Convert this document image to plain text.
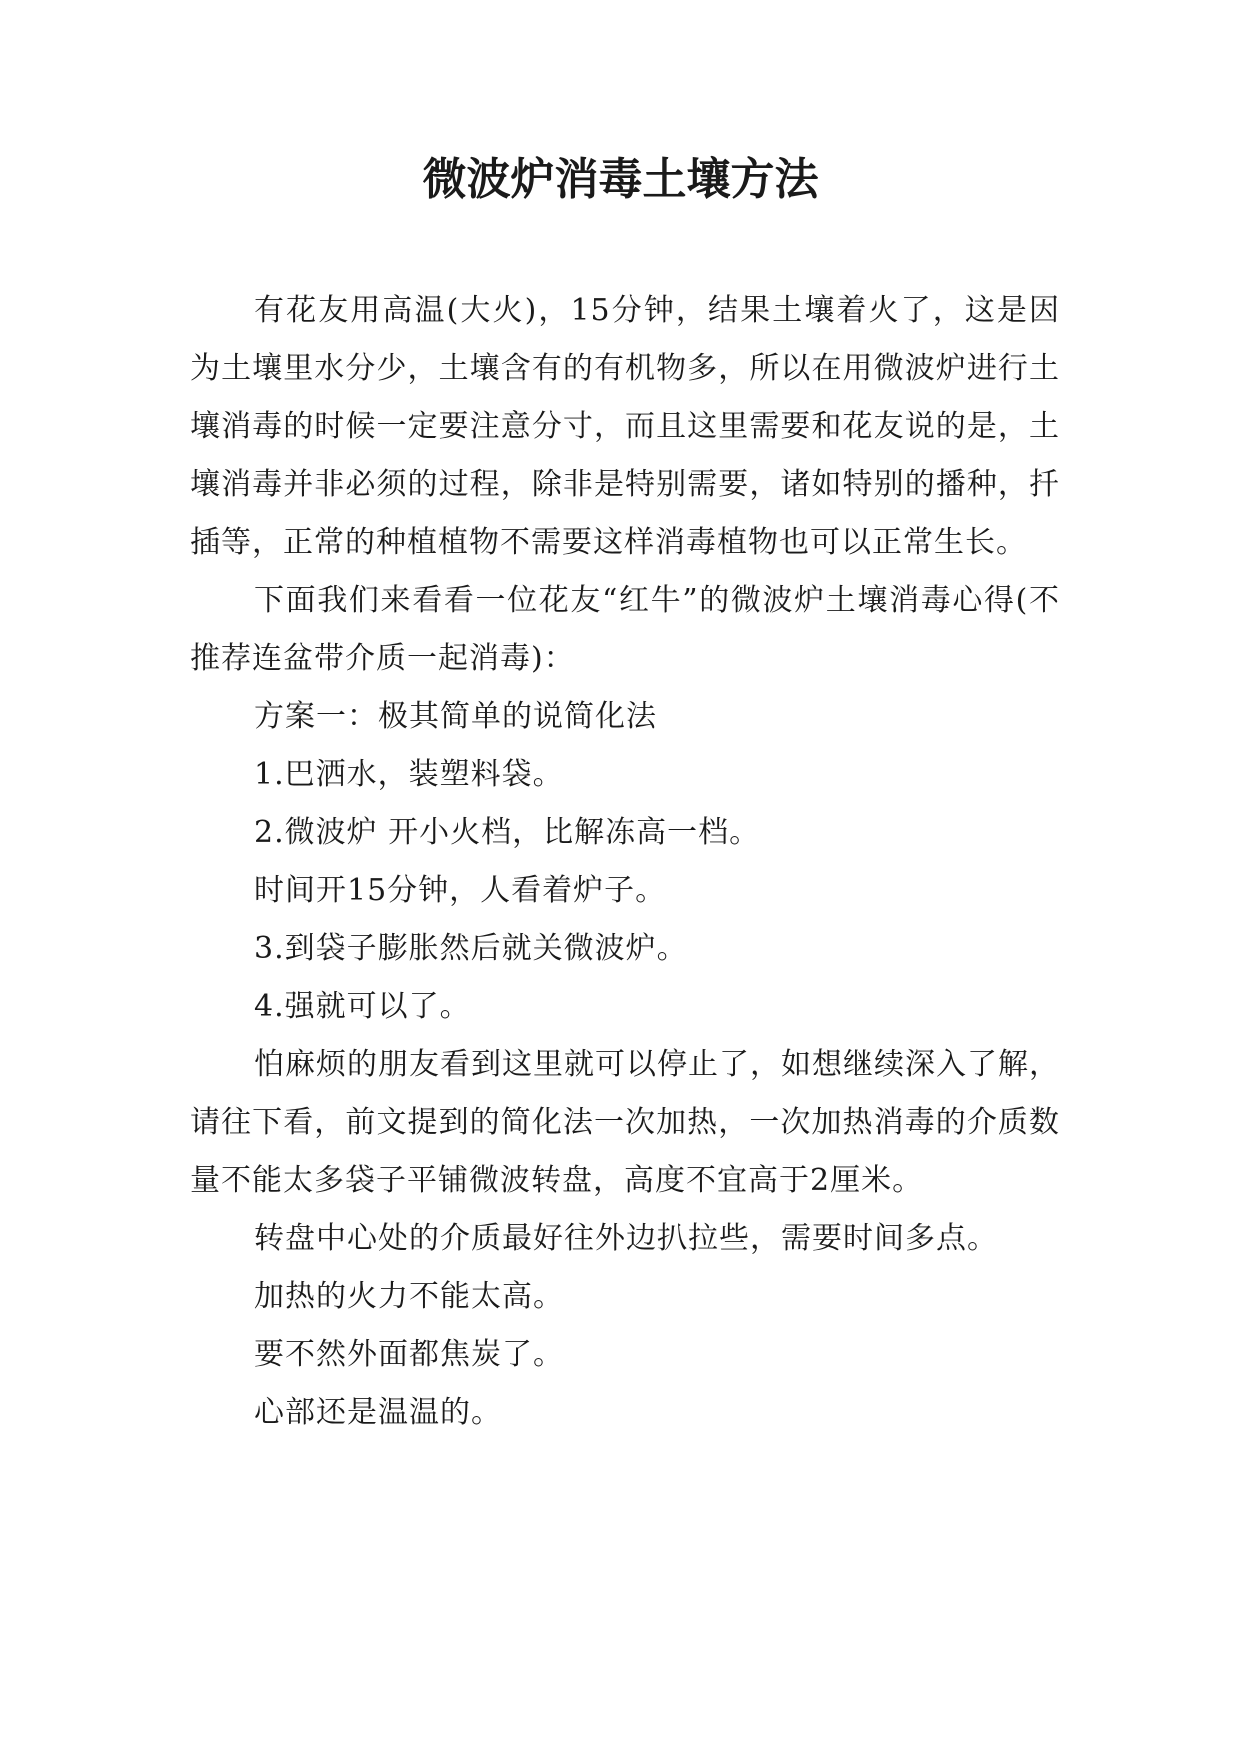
微波炉消毒土壤方法

有花友用高温(大火)，15分钟，结果土壤着火了，这是因为土壤里水分少，土壤含有的有机物多，所以在用微波炉进行土壤消毒的时候一定要注意分寸，而且这里需要和花友说的是，土壤消毒并非必须的过程，除非是特别需要，诸如特别的播种，扦插等，正常的种植植物不需要这样消毒植物也可以正常生长。

下面我们来看看一位花友“红牛”的微波炉土壤消毒心得(不推荐连盆带介质一起消毒)：

方案一：极其简单的说简化法

1.巴洒水，装塑料袋。

2.微波炉 开小火档，比解冻高一档。

时间开15分钟，人看着炉子。

3.到袋子膨胀然后就关微波炉。

4.强就可以了。

怕麻烦的朋友看到这里就可以停止了，如想继续深入了解，请往下看，前文提到的简化法一次加热，一次加热消毒的介质数量不能太多袋子平铺微波转盘，高度不宜高于2厘米。

转盘中心处的介质最好往外边扒拉些，需要时间多点。

加热的火力不能太高。

要不然外面都焦炭了。

心部还是温温的。
